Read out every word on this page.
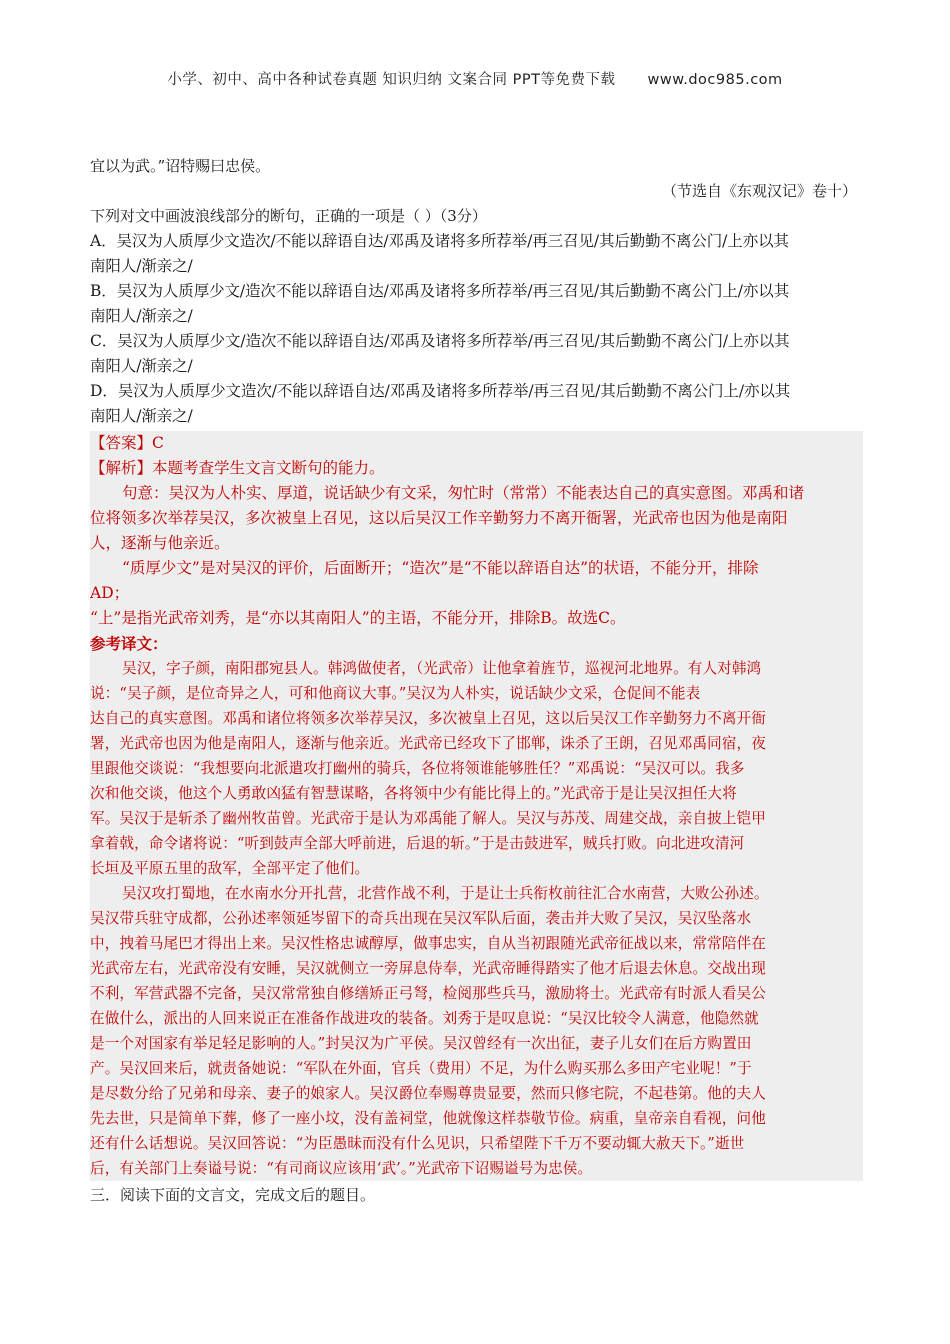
小学、初中、高中各种试卷真题 知识归纳 文案合同 PPT等免费下载 www.doc985.com
宜以为武。”诏特赐曰忠侯。
（节选自《东观汉记》卷十）
下列对文中画波浪线部分的断句，正确的一项是（ ）（3分）
A．吴汉为人质厚少文造次/不能以辞语自达/邓禹及诸将多所荐举/再三召见/其后勤勤不离公门/上亦以其
南阳人/渐亲之/
B．吴汉为人质厚少文/造次不能以辞语自达/邓禹及诸将多所荐举/再三召见/其后勤勤不离公门上/亦以其
南阳人/渐亲之/
C．吴汉为人质厚少文/造次不能以辞语自达/邓禹及诸将多所荐举/再三召见/其后勤勤不离公门/上亦以其
南阳人/渐亲之/
D．吴汉为人质厚少文造次/不能以辞语自达/邓禹及诸将多所荐举/再三召见/其后勤勤不离公门上/亦以其
南阳人/渐亲之/
【答案】C
【解析】本题考查学生文言文断句的能力。
句意：吴汉为人朴实、厚道，说话缺少有文采，匆忙时（常常）不能表达自己的真实意图。邓禹和诸
位将领多次举荐吴汉，多次被皇上召见，这以后吴汉工作辛勤努力不离开衙署，光武帝也因为他是南阳
人，逐渐与他亲近。
“质厚少文”是对吴汉的评价，后面断开；“造次”是“不能以辞语自达”的状语，不能分开，排除
AD；
“上”是指光武帝刘秀，是“亦以其南阳人”的主语，不能分开，排除B。故选C。
参考译文：
吴汉，字子颜，南阳郡宛县人。韩鸿做使者，（光武帝）让他拿着旌节，巡视河北地界。有人对韩鸿
说：“吴子颜，是位奇异之人，可和他商议大事。”吴汉为人朴实，说话缺少文采，仓促间不能表
达自己的真实意图。邓禹和诸位将领多次举荐吴汉，多次被皇上召见，这以后吴汉工作辛勤努力不离开衙
署，光武帝也因为他是南阳人，逐渐与他亲近。光武帝已经攻下了邯郸，诛杀了王朗，召见邓禹同宿，夜
里跟他交谈说：“我想要向北派遣攻打幽州的骑兵，各位将领谁能够胜任？”邓禹说：“吴汉可以。我多
次和他交谈，他这个人勇敢凶猛有智慧谋略，各将领中少有能比得上的。”光武帝于是让吴汉担任大将
军。吴汉于是斩杀了幽州牧苗曾。光武帝于是认为邓禹能了解人。吴汉与苏茂、周建交战，亲自披上铠甲
拿着戟，命令诸将说：“听到鼓声全部大呼前进，后退的斩。”于是击鼓进军，贼兵打败。向北进攻清河
长垣及平原五里的敌军，全部平定了他们。
吴汉攻打蜀地，在水南水分开扎营，北营作战不利，于是让士兵衔枚前往汇合水南营，大败公孙述。
吴汉带兵驻守成都，公孙述率领延岑留下的奇兵出现在吴汉军队后面，袭击并大败了吴汉，吴汉坠落水
中，拽着马尾巴才得出上来。吴汉性格忠诚醇厚，做事忠实，自从当初跟随光武帝征战以来，常常陪伴在
光武帝左右，光武帝没有安睡，吴汉就侧立一旁屏息侍奉，光武帝睡得踏实了他才后退去休息。交战出现
不利，军营武器不完备，吴汉常常独自修缮矫正弓弩，检阅那些兵马，激励将士。光武帝有时派人看吴公
在做什么，派出的人回来说正在准备作战进攻的装备。刘秀于是叹息说：“吴汉比较令人满意，他隐然就
是一个对国家有举足轻足影响的人。”封吴汉为广平侯。吴汉曾经有一次出征，妻子儿女们在后方购置田
产。吴汉回来后，就责备她说：“军队在外面，官兵（费用）不足，为什么购买那么多田产宅业呢！”于
是尽数分给了兄弟和母亲、妻子的娘家人。吴汉爵位奉赐尊贵显要，然而只修宅院，不起巷第。他的夫人
先去世，只是简单下葬，修了一座小坟，没有盖祠堂，他就像这样恭敬节俭。病重，皇帝亲自看视，问他
还有什么话想说。吴汉回答说：“为臣愚昧而没有什么见识，只希望陛下千万不要动辄大赦天下。”逝世
后，有关部门上奏谥号说：“有司商议应该用‘武’。”光武帝下诏赐谥号为忠侯。
三．阅读下面的文言文，完成文后的题目。
